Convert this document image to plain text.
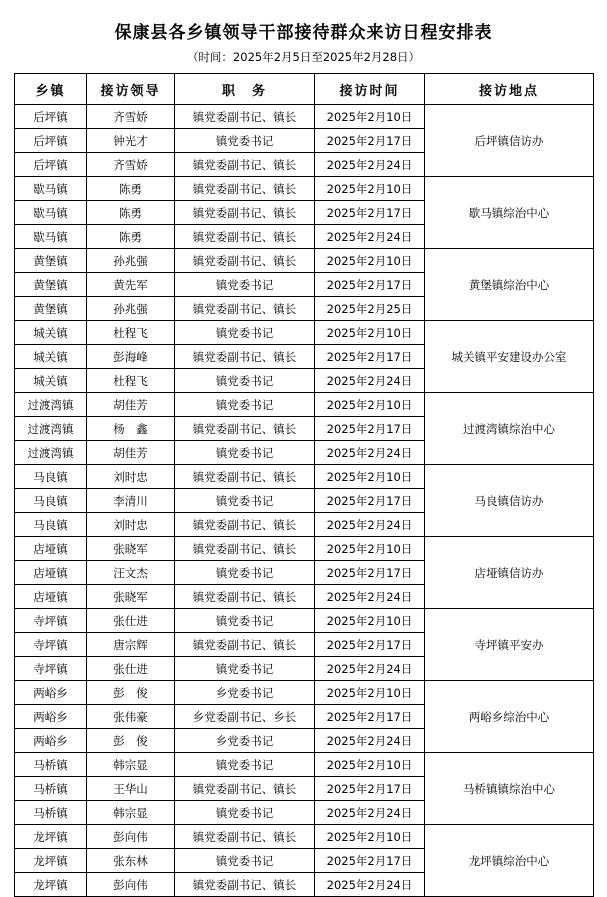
保康县各乡镇领导干部接待群众来访日程安排表
（时间：2025年2月5日至2025年2月28日）
乡镇	接访领导	职　务	接访时间	接访地点
后坪镇	齐雪娇	镇党委副书记、镇长	2025年2月10日	后坪镇信访办
后坪镇	钟光才	镇党委书记	2025年2月17日	
后坪镇	齐雪娇	镇党委副书记、镇长	2025年2月24日	
歇马镇	陈勇	镇党委副书记、镇长	2025年2月10日	歇马镇综治中心
歇马镇	陈勇	镇党委副书记、镇长	2025年2月17日	
歇马镇	陈勇	镇党委副书记、镇长	2025年2月24日	
黄堡镇	孙兆强	镇党委副书记、镇长	2025年2月10日	黄堡镇综治中心
黄堡镇	黄先军	镇党委书记	2025年2月17日	
黄堡镇	孙兆强	镇党委副书记、镇长	2025年2月25日	
城关镇	杜程飞	镇党委书记	2025年2月10日	城关镇平安建设办公室
城关镇	彭海峰	镇党委副书记、镇长	2025年2月17日	
城关镇	杜程飞	镇党委书记	2025年2月24日	
过渡湾镇	胡佳芳	镇党委书记	2025年2月10日	过渡湾镇综治中心
过渡湾镇	杨　鑫	镇党委副书记、镇长	2025年2月17日	
过渡湾镇	胡佳芳	镇党委书记	2025年2月24日	
马良镇	刘时忠	镇党委副书记、镇长	2025年2月10日	马良镇信访办
马良镇	李清川	镇党委书记	2025年2月17日	
马良镇	刘时忠	镇党委副书记、镇长	2025年2月24日	
店垭镇	张晓军	镇党委副书记、镇长	2025年2月10日	店垭镇信访办
店垭镇	汪文杰	镇党委书记	2025年2月17日	
店垭镇	张晓军	镇党委副书记、镇长	2025年2月24日	
寺坪镇	张仕进	镇党委书记	2025年2月10日	寺坪镇平安办
寺坪镇	唐宗辉	镇党委副书记、镇长	2025年2月17日	
寺坪镇	张仕进	镇党委书记	2025年2月24日	
两峪乡	彭　俊	乡党委书记	2025年2月10日	两峪乡综治中心
两峪乡	张伟豪	乡党委副书记、乡长	2025年2月17日	
两峪乡	彭　俊	乡党委书记	2025年2月24日	
马桥镇	韩宗显	镇党委书记	2025年2月10日	马桥镇镇综治中心
马桥镇	王华山	镇党委副书记、镇长	2025年2月17日	
马桥镇	韩宗显	镇党委书记	2025年2月24日	
龙坪镇	彭向伟	镇党委副书记、镇长	2025年2月10日	龙坪镇综治中心
龙坪镇	张东林	镇党委书记	2025年2月17日	
龙坪镇	彭向伟	镇党委副书记、镇长	2025年2月24日	
